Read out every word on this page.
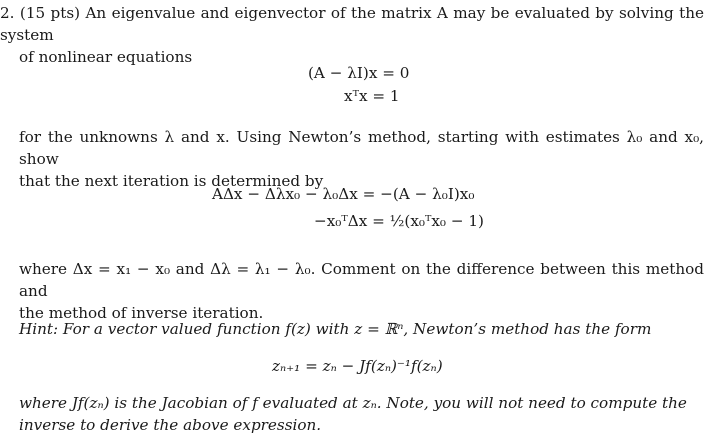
2. (15 pts) An eigenvalue and eigenvector of the matrix A may be evaluated by solving the system

of nonlinear equations

(A − λI)x = 0
xᵀx = 1

for the unknowns λ and x. Using Newton’s method, starting with estimates λ₀ and x₀, show

that the next iteration is determined by

AΔx − Δλx₀ − λ₀Δx = −(A − λ₀I)x₀
−x₀ᵀΔx = ½(x₀ᵀx₀ − 1)

where Δx = x₁ − x₀ and Δλ = λ₁ − λ₀. Comment on the difference between this method and

the method of inverse iteration.

Hint: For a vector valued function f(z) with z = ℝⁿ, Newton’s method has the form

zₙ₊₁ = zₙ − Jf(zₙ)⁻¹f(zₙ)

where Jf(zₙ) is the Jacobian of f evaluated at zₙ. Note, you will not need to compute the

inverse to derive the above expression.
